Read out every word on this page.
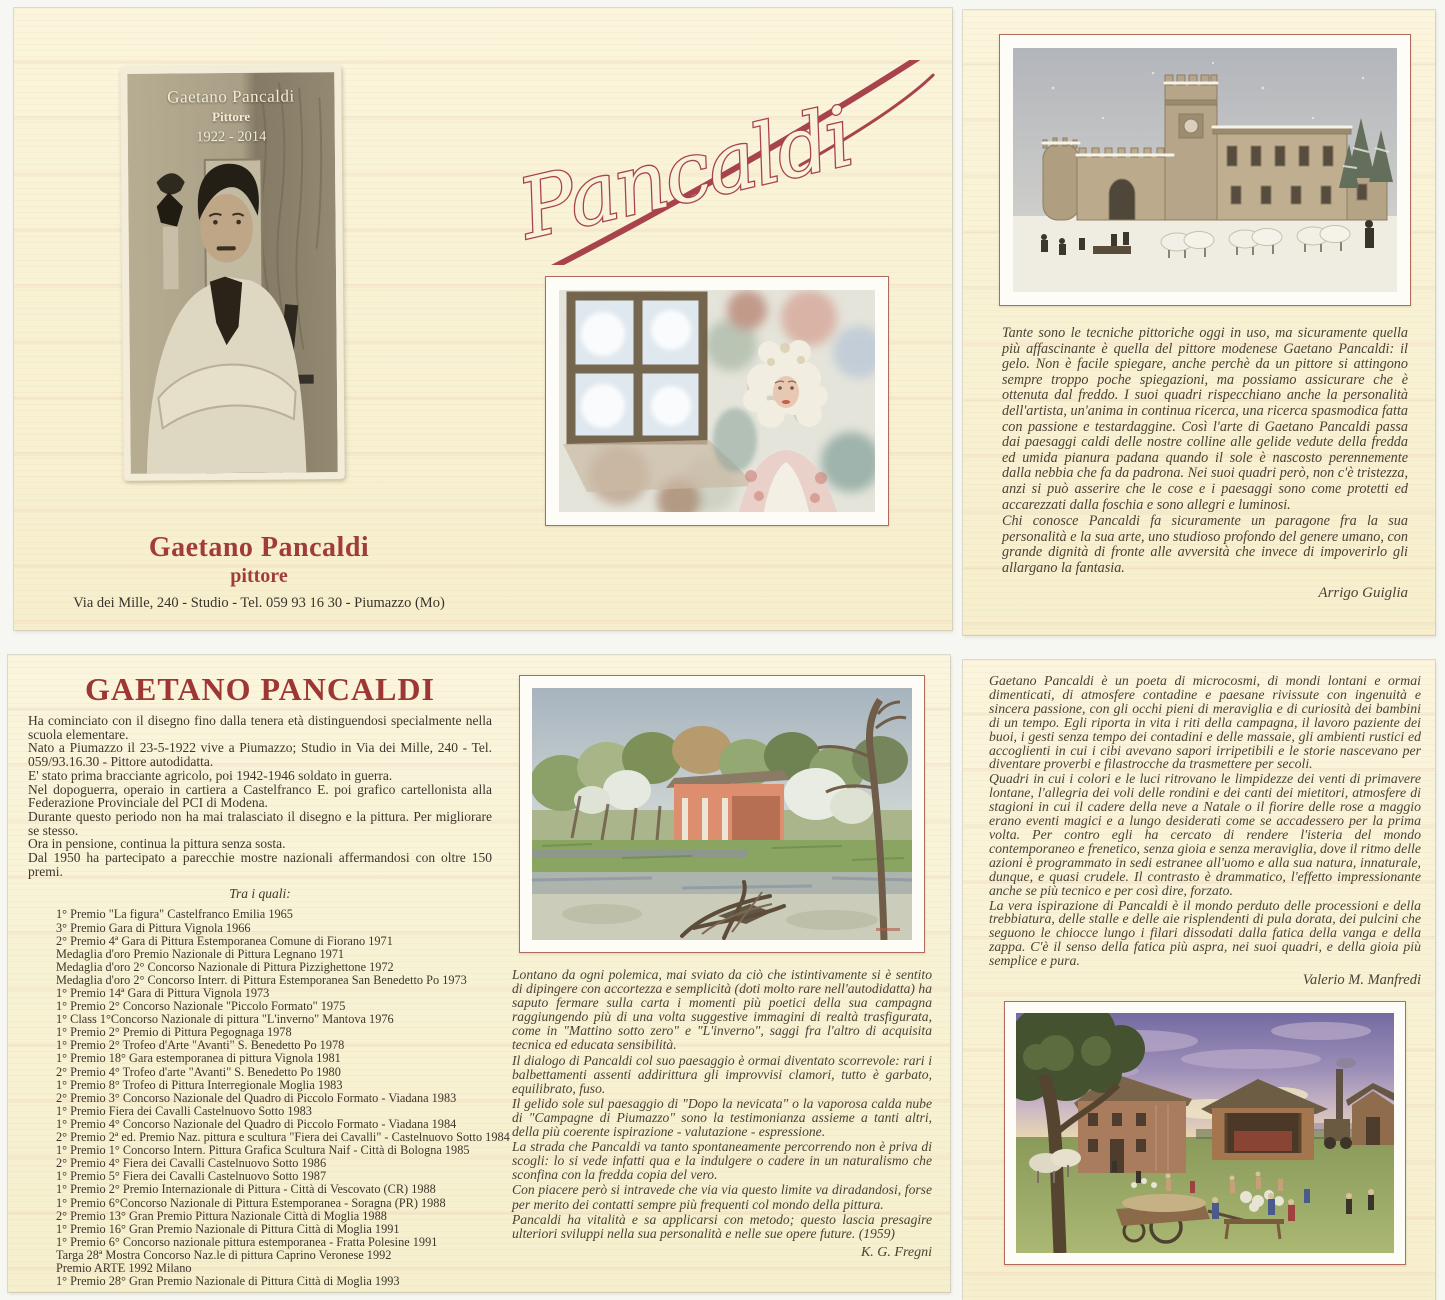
Gaetano Pancaldi
Pittore
1922 - 2014	Pancaldi
Gaetano Pancaldi
pittore
Via dei Mille, 240 - Studio - Tel. 059 93 16 30 - Piumazzo (Mo)

Tante sono le tecniche pittoriche oggi in uso, ma sicuramente quella più affascinante è quella del pittore modenese Gaetano Pancaldi: il gelo. Non è facile spiegare, anche perchè da un pittore si attingono sempre troppo poche spiegazioni, ma possiamo assicurare che è ottenuta dal freddo. I suoi quadri rispecchiano anche la personalità dell'artista, un'anima in continua ricerca, una ricerca spasmodica fatta con passione e testardaggine. Così l'arte di Gaetano Pancaldi passa dai paesaggi caldi delle nostre colline alle gelide vedute della fredda ed umida pianura padana quando il sole è nascosto perennemente dalla nebbia che fa da padrona. Nei suoi quadri però, non c'è tristezza, anzi si può asserire che le cose e i paesaggi sono come protetti ed accarezzati dalla foschia e sono allegri e luminosi.

Chi conosce Pancaldi fa sicuramente un paragone fra la sua personalità e la sua arte, uno studioso profondo del genere umano, con grande dignità di fronte alle avversità che invece di impoverirlo gli allargano la fantasia.

Arrigo Guiglia
GAETANO PANCALDI

Ha cominciato con il disegno fino dalla tenera età distinguendosi specialmente nella scuola elementare.

Nato a Piumazzo il 23-5-1922 vive a Piumazzo; Studio in Via dei Mille, 240 - Tel. 059/93.16.30 - Pittore autodidatta.

E' stato prima bracciante agricolo, poi 1942-1946 soldato in guerra.

Nel dopoguerra, operaio in cartiera a Castelfranco E. poi grafico cartellonista alla Federazione Provinciale del PCI di Modena.

Durante questo periodo non ha mai tralasciato il disegno e la pittura. Per migliorare se stesso.

Ora in pensione, continua la pittura senza sosta.

Dal 1950 ha partecipato a parecchie mostre nazionali affermandosi con oltre 150 premi.

Tra i quali:
1° Premio "La figura" Castelfranco Emilia 1965
3° Premio Gara di Pittura Vignola 1966
2° Premio 4ª Gara di Pittura Estemporanea Comune di Fiorano 1971
Medaglia d'oro Premio Nazionale di Pittura Legnano 1971
Medaglia d'oro 2° Concorso Nazionale di Pittura Pizzighettone 1972
Medaglia d'oro 2° Concorso Interr. di Pittura Estemporanea San Benedetto Po 1973
1° Premio 14ª Gara di Pittura Vignola 1973
1° Premio 2° Concorso Nazionale "Piccolo Formato" 1975
1° Class 1°Concorso Nazionale di pittura "L'inverno" Mantova 1976
1° Premio 2° Premio di Pittura Pegognaga 1978
1° Premio 2° Trofeo d'Arte "Avanti" S. Benedetto Po 1978
1° Premio 18° Gara estemporanea di pittura Vignola 1981
2° Premio 4° Trofeo d'arte "Avanti" S. Benedetto Po 1980
1° Premio 8° Trofeo di Pittura Interregionale Moglia 1983
2° Premio 3° Concorso Nazionale del Quadro di Piccolo Formato - Viadana 1983
1° Premio Fiera dei Cavalli Castelnuovo Sotto 1983
1° Premio 4° Concorso Nazionale del Quadro di Piccolo Formato - Viadana 1984
2° Premio 2ª ed. Premio Naz. pittura e scultura "Fiera dei Cavalli" - Castelnuovo Sotto 1984
1° Premio 1° Concorso Intern. Pittura Grafica Scultura Naif - Città di Bologna 1985
2° Premio 4° Fiera dei Cavalli Castelnuovo Sotto 1986
1° Premio 5° Fiera dei Cavalli Castelnuovo Sotto 1987
1° Premio 2° Premio Internazionale di Pittura - Città di Vescovato (CR) 1988
1° Premio 6°Concorso Nazionale di Pittura Estemporanea - Soragna (PR) 1988
2° Premio 13° Gran Premio Pittura Nazionale Città di Moglia 1988
1° Premio 16° Gran Premio Nazionale di Pittura Città di Moglia 1991
1° Premio 6° Concorso nazionale pittura estemporanea - Fratta Polesine 1991
Targa 28ª Mostra Concorso Naz.le di pittura Caprino Veronese 1992
Premio ARTE 1992 Milano
1° Premio 28° Gran Premio Nazionale di Pittura Città di Moglia 1993

Lontano da ogni polemica, mai sviato da ciò che istintivamente si è sentito di dipingere con accortezza e semplicità (doti molto rare nell'autodidatta) ha saputo fermare sulla carta i momenti più poetici della sua campagna raggiungendo più di una volta suggestive immagini di realtà trasfigurata, come in "Mattino sotto zero" e "L'inverno", saggi fra l'altro di acquisita tecnica ed educata sensibilità.

Il dialogo di Pancaldi col suo paesaggio è ormai diventato scorrevole: rari i balbettamenti assenti addirittura gli improvvisi clamori, tutto è garbato, equilibrato, fuso.

Il gelido sole sul paesaggio di "Dopo la nevicata" o la vaporosa calda nube di "Campagne di Piumazzo" sono la testimonianza assieme a tanti altri, della più coerente ispirazione - valutazione - espressione.

La strada che Pancaldi va tanto spontaneamente percorrendo non è priva di scogli: lo si vede infatti qua e la indulgere o cadere in un naturalismo che sconfina con la fredda copia del vero.

Con piacere però si intravede che via via questo limite va diradandosi, forse per merito dei contatti sempre più frequenti col mondo della pittura.

Pancaldi ha vitalità e sa applicarsi con metodo; questo lascia presagire ulteriori sviluppi nella sua personalità e nelle sue opere future. (1959)

K. G. Fregni

Gaetano Pancaldi è un poeta di microcosmi, di mondi lontani e ormai dimenticati, di atmosfere contadine e paesane rivissute con ingenuità e sincera passione, con gli occhi pieni di meraviglia e di curiosità dei bambini di un tempo. Egli riporta in vita i riti della campagna, il lavoro paziente dei buoi, i gesti senza tempo dei contadini e delle massaie, gli ambienti rustici ed accoglienti in cui i cibi avevano sapori irripetibili e le storie nascevano per diventare proverbi e filastrocche da trasmettere per secoli.

Quadri in cui i colori e le luci ritrovano le limpidezze dei venti di primavere lontane, l'allegria dei voli delle rondini e dei canti dei mietitori, atmosfere di stagioni in cui il cadere della neve a Natale o il fiorire delle rose a maggio erano eventi magici e a lungo desiderati come se accadessero per la prima volta. Per contro egli ha cercato di rendere l'isteria del mondo contemporaneo e frenetico, senza gioia e senza meraviglia, dove il ritmo delle azioni è programmato in sedi estranee all'uomo e alla sua natura, innaturale, dunque, e quasi crudele. Il contrasto è drammatico, l'effetto impressionante anche se più tecnico e per così dire, forzato.

La vera ispirazione di Pancaldi è il mondo perduto delle processioni e della trebbiatura, delle stalle e delle aie risplendenti di pula dorata, dei pulcini che seguono le chiocce lungo i filari dissodati dalla fatica della vanga e della zappa. C'è il senso della fatica più aspra, nei suoi quadri, e della gioia più semplice e pura.

Valerio M. Manfredi
